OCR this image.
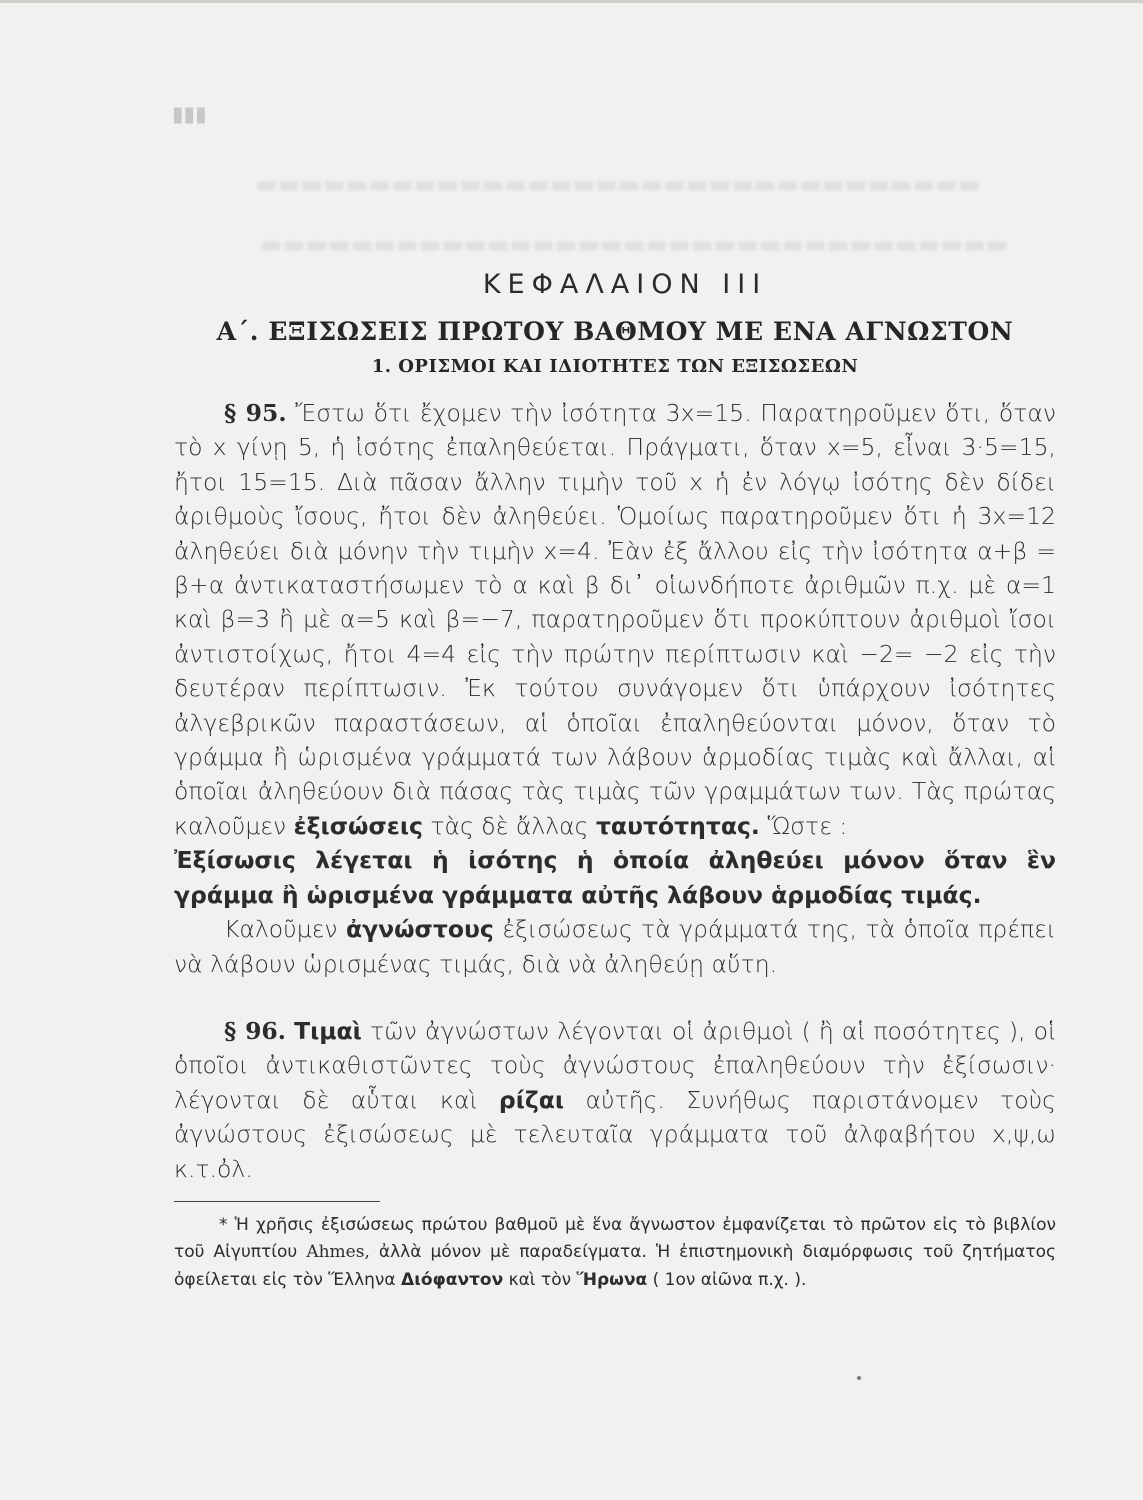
▬▬▬▬▬▬▬▬▬▬▬▬▬▬▬▬▬▬▬▬▬▬▬▬▬▬▬▬▬▬▬▬
▬▬▬▬▬▬▬▬▬▬▬▬▬▬▬▬▬▬▬▬▬▬▬▬▬▬▬▬▬▬▬▬▬
▮▮▮
ΚΕΦΑΛΑΙΟΝ ΙΙΙ
Α΄. ΕΞΙΣΩΣΕΙΣ ΠΡΩΤΟΥ ΒΑΘΜΟΥ ΜΕ ΕΝΑ ΑΓΝΩΣΤΟΝ
1. ΟΡΙΣΜΟΙ ΚΑΙ ΙΔΙΟΤΗΤΕΣ ΤΩΝ ΕΞΙΣΩΣΕΩΝ

§ 95. Ἔστω ὅτι ἔχομεν τὴν ἰσότητα 3x=15. Παρατηροῦμεν ὅτι, ὅταν τὸ x γίνῃ 5, ἡ ἰσότης ἐπαληθεύεται. Πράγματι, ὅταν x=5, εἶναι 3·5=15, ἤτοι 15=15. Διὰ πᾶσαν ἄλλην τιμὴν τοῦ x ἡ ἐν λόγῳ ἰσότης δὲν δίδει ἀριθμοὺς ἴσους, ἤτοι δὲν ἀληθεύει. Ὁμοίως παρατηροῦμεν ὅτι ἡ 3x=12 ἀληθεύει διὰ μόνην τὴν τιμὴν x=4. Ἐὰν ἐξ ἄλλου εἰς τὴν ἰσότητα α+β = β+α ἀντικαταστήσωμεν τὸ α καὶ β δι᾽ οἱωνδήποτε ἀριθμῶν π.χ. μὲ α=1 καὶ β=3 ἢ μὲ α=5 καὶ β=−7, παρατηροῦμεν ὅτι προκύπτουν ἀριθμοὶ ἴσοι ἀντιστοίχως, ἤτοι 4=4 εἰς τὴν πρώτην περίπτωσιν καὶ −2= −2 εἰς τὴν δευτέραν περίπτωσιν. Ἐκ τούτου συνάγομεν ὅτι ὑπάρχουν ἰσότητες ἀλγεβρικῶν παραστάσεων, αἱ ὁποῖαι ἐπαληθεύονται μόνον, ὅταν τὸ γράμμα ἢ ὡρισμένα γράμματά των λάβουν ἁρμοδίας τιμὰς καὶ ἄλλαι, αἱ ὁποῖαι ἀληθεύουν διὰ πάσας τὰς τιμὰς τῶν γραμμάτων των. Τὰς πρώτας καλοῦμεν ἐξισώσεις τὰς δὲ ἄλλας ταυτότητας. Ὥστε :

Ἐξίσωσις λέγεται ἡ ἰσότης ἡ ὁποία ἀληθεύει μόνον ὅταν ἓν γράμμα ἢ ὡρισμένα γράμματα αὐτῆς λάβουν ἁρμοδίας τιμάς.

Καλοῦμεν ἀγνώστους ἐξισώσεως τὰ γράμματά της, τὰ ὁποῖα πρέπει νὰ λάβουν ὡρισμένας τιμάς, διὰ νὰ ἀληθεύῃ αὕτη.

§ 96. Τιμαὶ τῶν ἀγνώστων λέγονται οἱ ἀριθμοὶ ( ἢ αἱ ποσότητες ), οἱ ὁποῖοι ἀντικαθιστῶντες τοὺς ἀγνώστους ἐπαληθεύουν τὴν ἐξίσωσιν· λέγονται δὲ αὗται καὶ ρίζαι αὐτῆς. Συνήθως παριστάνομεν τοὺς ἀγνώστους ἐξισώσεως μὲ τελευταῖα γράμματα τοῦ ἀλφαβήτου x,ψ,ω κ.τ.ὀλ.

* Ἡ χρῆσις ἐξισώσεως πρώτου βαθμοῦ μὲ ἕνα ἄγνωστον ἐμφανίζεται τὸ πρῶτον εἰς τὸ βιβλίον τοῦ Αἰγυπτίου Ahmes, ἀλλὰ μόνον μὲ παραδείγματα. Ἡ ἐπιστημονικὴ διαμόρφωσις τοῦ ζητήματος ὀφείλεται εἰς τὸν Ἕλληνα Διόφαντον καὶ τὸν Ἥρωνα ( 1ον αἰῶνα π.χ. ).
